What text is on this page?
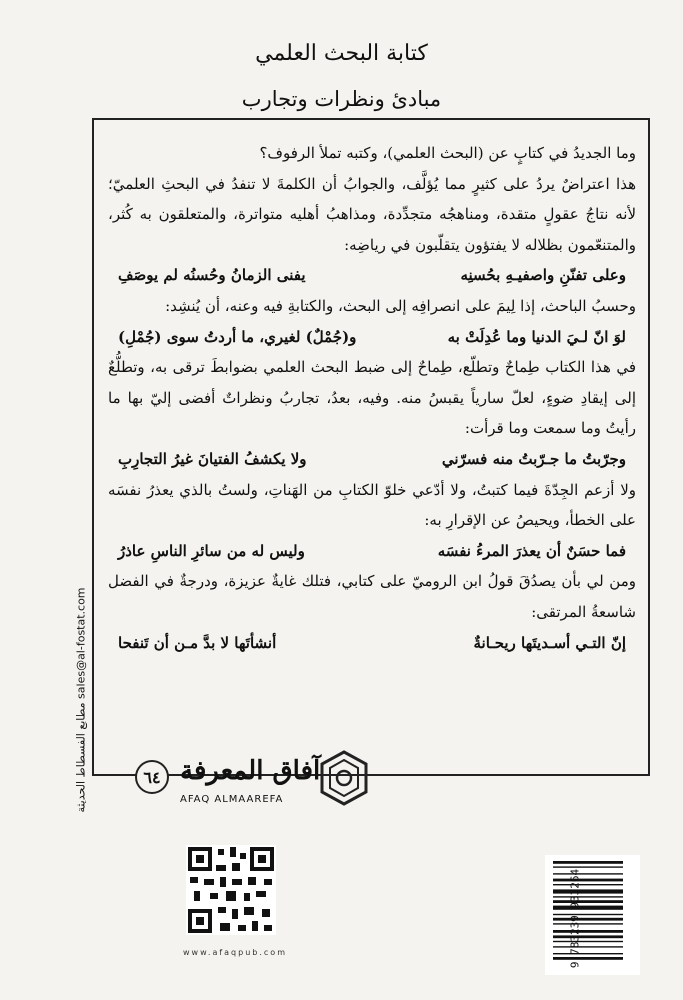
كتابة البحث العلمي
مبادئ ونظرات وتجارب

وما الجديدُ في كتابٍ عن (البحث العلمي)، وكتبه تملأ الرفوف؟

هذا اعتراضٌ يردُ على كثيرٍ مما يُؤلَّف، والجوابُ أن الكلمةَ لا تنفدُ في البحثِ العلميّ؛ لأنه نتاجُ عقولٍ متقدة، ومناهجُه متجدِّدة، ومذاهبُ أهليه متواترة، والمتعلقون به كُثر، والمتنعّمون بظلاله لا يفتؤون يتقلّبون في رياضِه:

وعلى تفنّنِ واصفيـهِ بحُسنِه
يفنى الزمانُ وحُسنُه لم يوصَفِ

وحسبُ الباحث، إذا لِيمَ على انصرافِه إلى البحث، والكتابةِ فيه وعنه، أن يُنشِد:

لوَ انّ لـيَ الدنيا وما عُدِلَتْ به
و(جُمْلٌ) لغيري، ما أردتُ سوى (جُمْلِ)

في هذا الكتاب طِماحٌ وتطلّع، طِماحٌ إلى ضبط البحث العلمي بضوابطَ ترقى به، وتطلُّعٌ إلى إيقادِ ضوءٍ، لعلّ سارياً يقبسُ منه. وفيه، بعدُ، تجاربُ ونظراتٌ أفضى إليّ بها ما رأيتُ وما سمعت وما قرأت:

وجرّبتُ ما جـرّبتُ منه فسرّني
ولا يكشفُ الفتيانَ غيرُ التجارِبِ

ولا أزعم الجِدّةَ فيما كتبتُ، ولا أدّعي خلوّ الكتابِ من الهَناتِ، ولستُ بالذي يعذرُ نفسَه على الخطأ، ويحيصُ عن الإقرارِ به:

فما حسَنٌ أن يعذرَ المرءُ نفسَه
وليس له من سائرِ الناسِ عاذرُ

ومن لي بأن يصدُقَ قولُ ابن الروميّ على كتابي، فتلك غايةٌ عزيزة، ودرجةٌ في الفضل شاسعةُ المرتقى:

إنّ التـي أسـديتَها ريحـانةٌ
أنشأتَها لا بدَّ مـن أن تَنفحا
مطابع الفسطاط الحديثة sales@al-fostat.com
٦٤ آفاق المعرفة
AFAQ ALMAAREFA
www.afaqpub.com	9 783239 933264
